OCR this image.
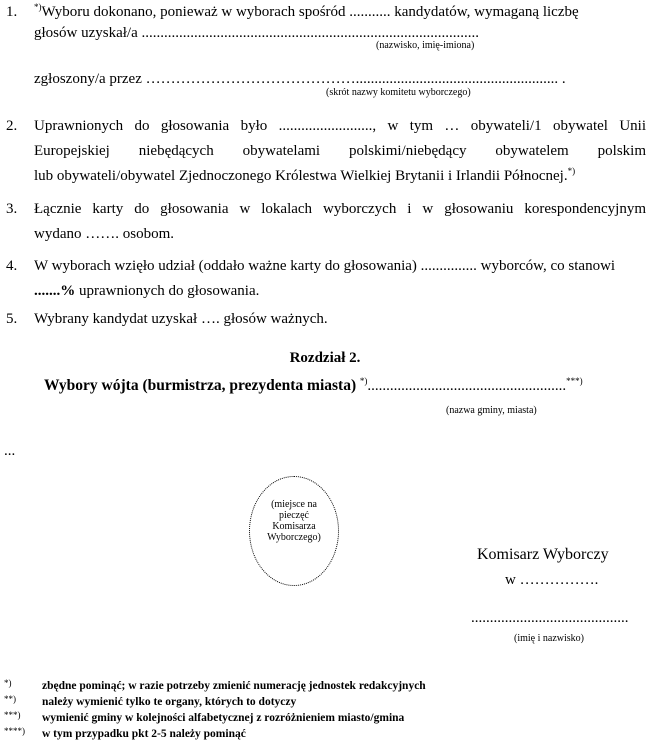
1. *)Wyboru dokonano, ponieważ w wyborach spośród ........... kandydatów, wymaganą liczbę
głosów uzyskał/a ..........................................................................................
(nazwisko, imię-imiona)
zgłoszony/a przez ……………………………………...................................................... .
(skrót nazwy komitetu wyborczego)
2. Uprawnionych do głosowania było ........................., w tym … obywateli/1 obywatel Unii
Europejskiej niebędących obywatelami polskimi/niebędący obywatelem polskim
lub obywateli/obywatel Zjednoczonego Królestwa Wielkiej Brytanii i Irlandii Północnej.*)
3. Łącznie karty do głosowania w lokalach wyborczych i w głosowaniu korespondencyjnym
wydano ……. osobom.
4. W wyborach wzięło udział (oddało ważne karty do głosowania) ............... wyborców, co stanowi
.......% uprawnionych do głosowania.
5. Wybrany kandydat uzyskał …. głosów ważnych.
Rozdział 2.
Wybory wójta (burmistrza, prezydenta miasta) *).....................................................***)
(nazwa gminy, miasta)
...
(miejsce na
pieczęć
Komisarza
Wyborczego)
Komisarz Wyborczy
w …………….
..........................................
(imię i nazwisko)
*)	zbędne pominąć; w razie potrzeby zmienić numerację jednostek redakcyjnych
**) należy wymienić tylko te organy, których to dotyczy
***) wymienić gminy w kolejności alfabetycznej z rozróżnieniem miasto/gmina
****) w tym przypadku pkt 2-5 należy pominąć
